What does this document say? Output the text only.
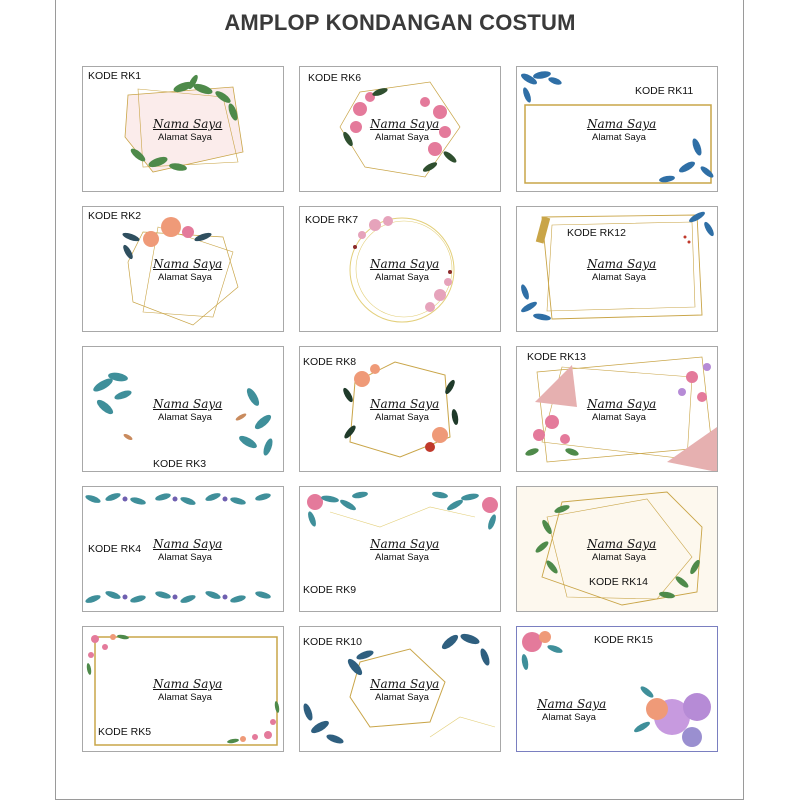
AMPLOP KONDANGAN COSTUM
KODE RK1
Nama Saya
Alamat Saya
KODE RK6
Nama Saya
Alamat Saya
KODE RK11
Nama Saya
Alamat Saya
KODE RK2
Nama Saya
Alamat Saya
KODE RK7
Nama Saya
Alamat Saya
KODE RK12
Nama Saya
Alamat Saya
KODE RK3
Nama Saya
Alamat Saya
KODE RK8
Nama Saya
Alamat Saya
KODE RK13
Nama Saya
Alamat Saya
KODE RK4 Nama Saya
Alamat Saya
KODE RK9
Nama Saya
Alamat Saya
KODE RK14
Nama Saya
Alamat Saya
KODE RK5
Nama Saya
Alamat Saya
KODE RK10
Nama Saya
Alamat Saya
KODE RK15
Nama Saya
Alamat Saya
